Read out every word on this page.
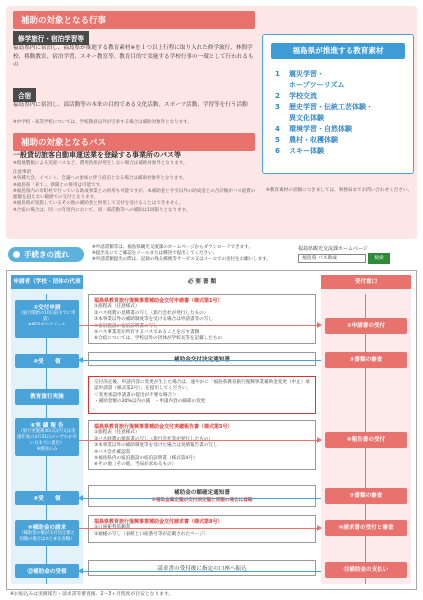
補助の対象となる行事
修学旅行・宿泊学習等
福島県内に宿泊し、福島県が推進する教育素材※を１つ以上行程に取り入れた修学旅行、林間学校、移動教室、宿泊学習、スキー教室等、教育目的で実施する学校行事の一環として行われるもの
合宿
福島県内に宿泊し、部活動等の本来の目的である文化活動、スポーツ活動、学習等を行う活動
※中学校・高等学校については、学校教員以外が引率する場合は補助対象外となります。
補助の対象となるバス
一般貸切旅客自動車運送業を登録する事業所のバス等
※現地製税による送迎バスなど、費用負担が発生しない場合は補助対象外となります。
注意事項
※各種大会、イベント、会議への参加に伴う宿泊となる場合は補助対象外となります。
※福島県「来て」、新聞との併用は可能です。
※福島県内の市町村で行っている助成事業との併用も可能ですが、本補助金と手引以外の助成金との合計額がバス経費の総額を超えない範囲での交付となります。
※福島県が実施しているその他の補助金と併用して交付を受けることはできません。
※合宿の場合は、同一の年度内において、同一部活動等への補助は1回限りとなります。
福島県が推進する教育素材
1 震災学習・
ホープツーリズム
2 学校交流
3 歴史学習・伝統工芸体験・
異文化体験
4 環境学習・自然体験
5 農村・収穫体験
6 スキー体験
※教育素材の詳細につきましては、事務局までお問い合わせください。
手続きの流れ
※申請書類等は、福島県観光交流課のホームページからダウンロードできます。
※提出先にてご確認をメールまたは郵送で提出してください。
※申請書類提出の際は、記録の残る郵便等サービス又はメールでの送付をお願いします。
福島県観光交流課ホームページ
福島県 バス助成	検索
申請者（学校・団体の代表	必 要 書 類	受付窓口
①交付申請
（旅行開始の10日前までに申請）

④受　　領
教育旅行実施
⑥実 績 報 告
（旅行実施後30日以内又は実施年度の3月31日のいずれか早い日までに提出）
※郵送のみ
⑧受　　領
⑨補助金の請求
（補助金の額が交付決定額と同額の場合は⑦と⑧を省略）
⑫補助金の受領
②申請書の受付
③書類の審査
⑥報告書の受付
⑦書類の審査
⑩請求書の受付と審査
⑪補助金の支払い
福島県教育旅行復興事業補助金交付申請書（様式第1号）
①旅程表（任意様式）
②バス経費の見積書の写し（旅行会社が発行したもの）
③本事業以外の補助制度等を受ける場合は申請書等の写し
④宿泊施設の宿泊証明書の写し
⑤バス事業者が所有するバスであることを示す書類
⑥合宿については、学校以外の団体が学校長等を記載したもの
補助金交付決定通知書
交付決定後、申請内容に変更が生じた場合は、速やかに「福島県教育旅行復興事業補助金変更（中止）承認申請書（様式第2号）」を提出してください。
＜変更承認申請書の提出が不要な場合＞
・補助金額の20%以内の減　・申請内容の細部の変更
福島県教育旅行復興事業補助金交付実績報告書（様式第5号）
①旅程表（任意様式）
②バス経費の領収書の写し（旅行会社等が発行したもの）
③本事業以外の補助制度等を受けた場合は実績報告書の写し
④バス会社確認書
⑤福島県内の宿泊施設の宿泊証明書（様式第4号）
⑥その他（その他、当局が求めるもの）
補助金の額確定通知書
※補助金確定額が交付決定額と同額の場合は省略
福島県教育旅行復興事業補助金交付請求書（様式第8号）
①口座振替依頼書
②通帳の写し（表紙と口座番号等が記載されたページ）
請求書の受付後に指定の口座へ振込
※お振込みは実績報告・請求書等審査後、2～3ヶ月程度が目安となります。
